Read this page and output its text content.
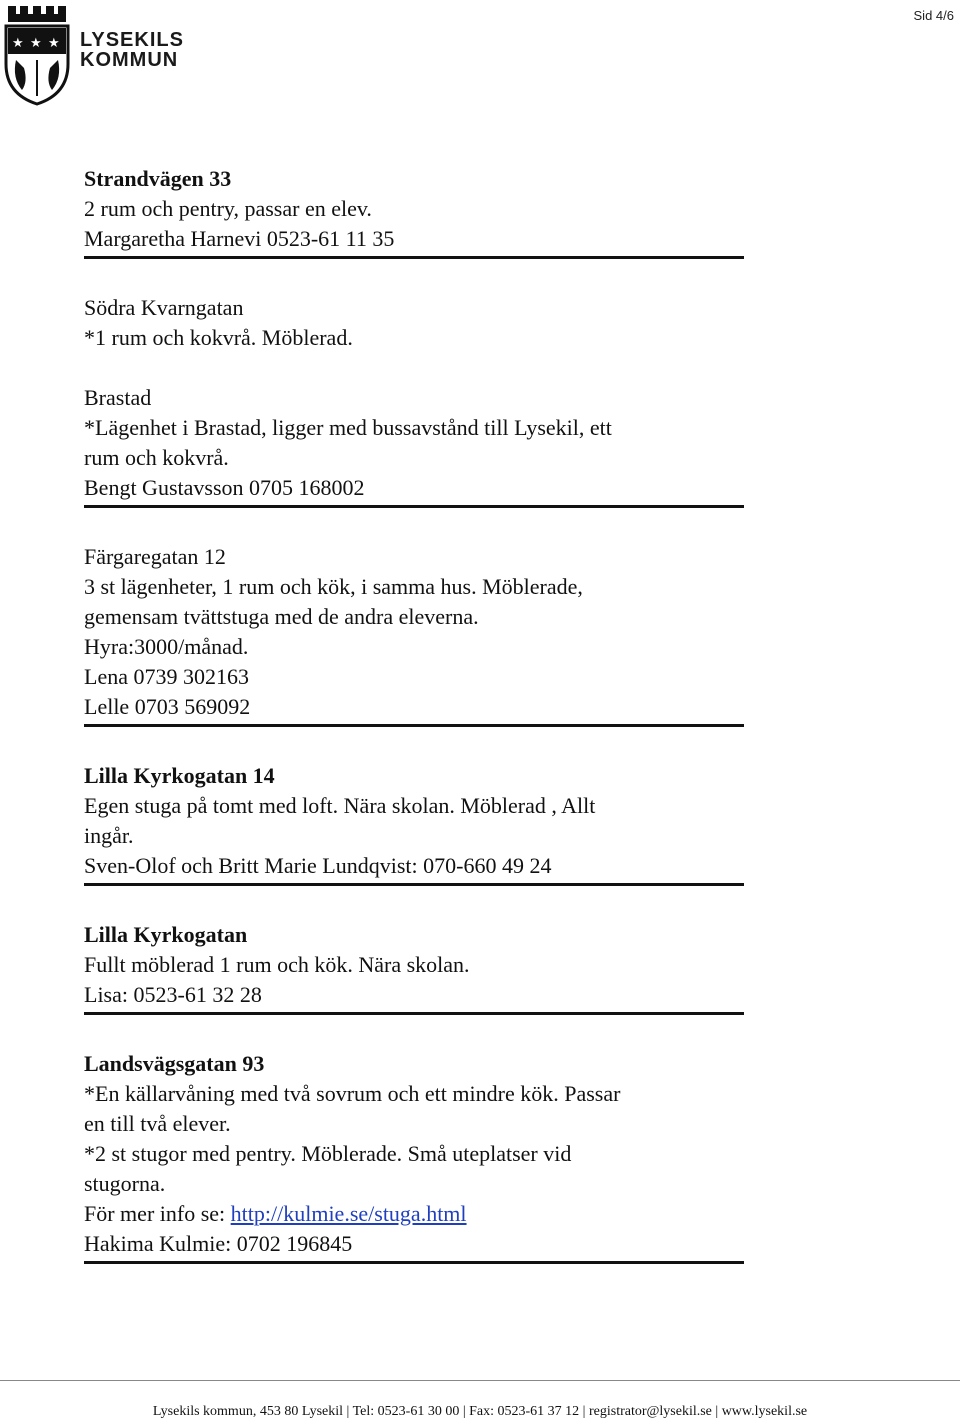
★ ★ ★ LYSEKILS
KOMMUN
Sid 4/6

Strandvägen 33

2 rum och pentry, passar en elev.

Margaretha Harnevi 0523-61 11 35

Södra Kvarngatan

*1 rum och kokvrå. Möblerad.

Brastad

*Lägenhet i Brastad, ligger med bussavstånd till Lysekil, ett

rum och kokvrå.

Bengt Gustavsson 0705 168002

Färgaregatan 12

3 st lägenheter, 1 rum och kök, i samma hus. Möblerade,

gemensam tvättstuga med de andra eleverna.

Hyra:3000/månad.

Lena 0739 302163

Lelle 0703 569092

Lilla Kyrkogatan 14

Egen stuga på tomt med loft. Nära skolan. Möblerad , Allt

ingår.

Sven-Olof och Britt Marie Lundqvist: 070-660 49 24

Lilla Kyrkogatan

Fullt möblerad 1 rum och kök. Nära skolan.

Lisa: 0523-61 32 28

Landsvägsgatan 93

*En källarvåning med två sovrum och ett mindre kök. Passar

en till två elever.

*2 st stugor med pentry. Möblerade. Små uteplatser vid

stugorna.

För mer info se: http://kulmie.se/stuga.html

Hakima Kulmie: 0702 196845

Lysekils kommun, 453 80 Lysekil | Tel: 0523-61 30 00 | Fax: 0523-61 37 12 | registrator@lysekil.se | www.lysekil.se
